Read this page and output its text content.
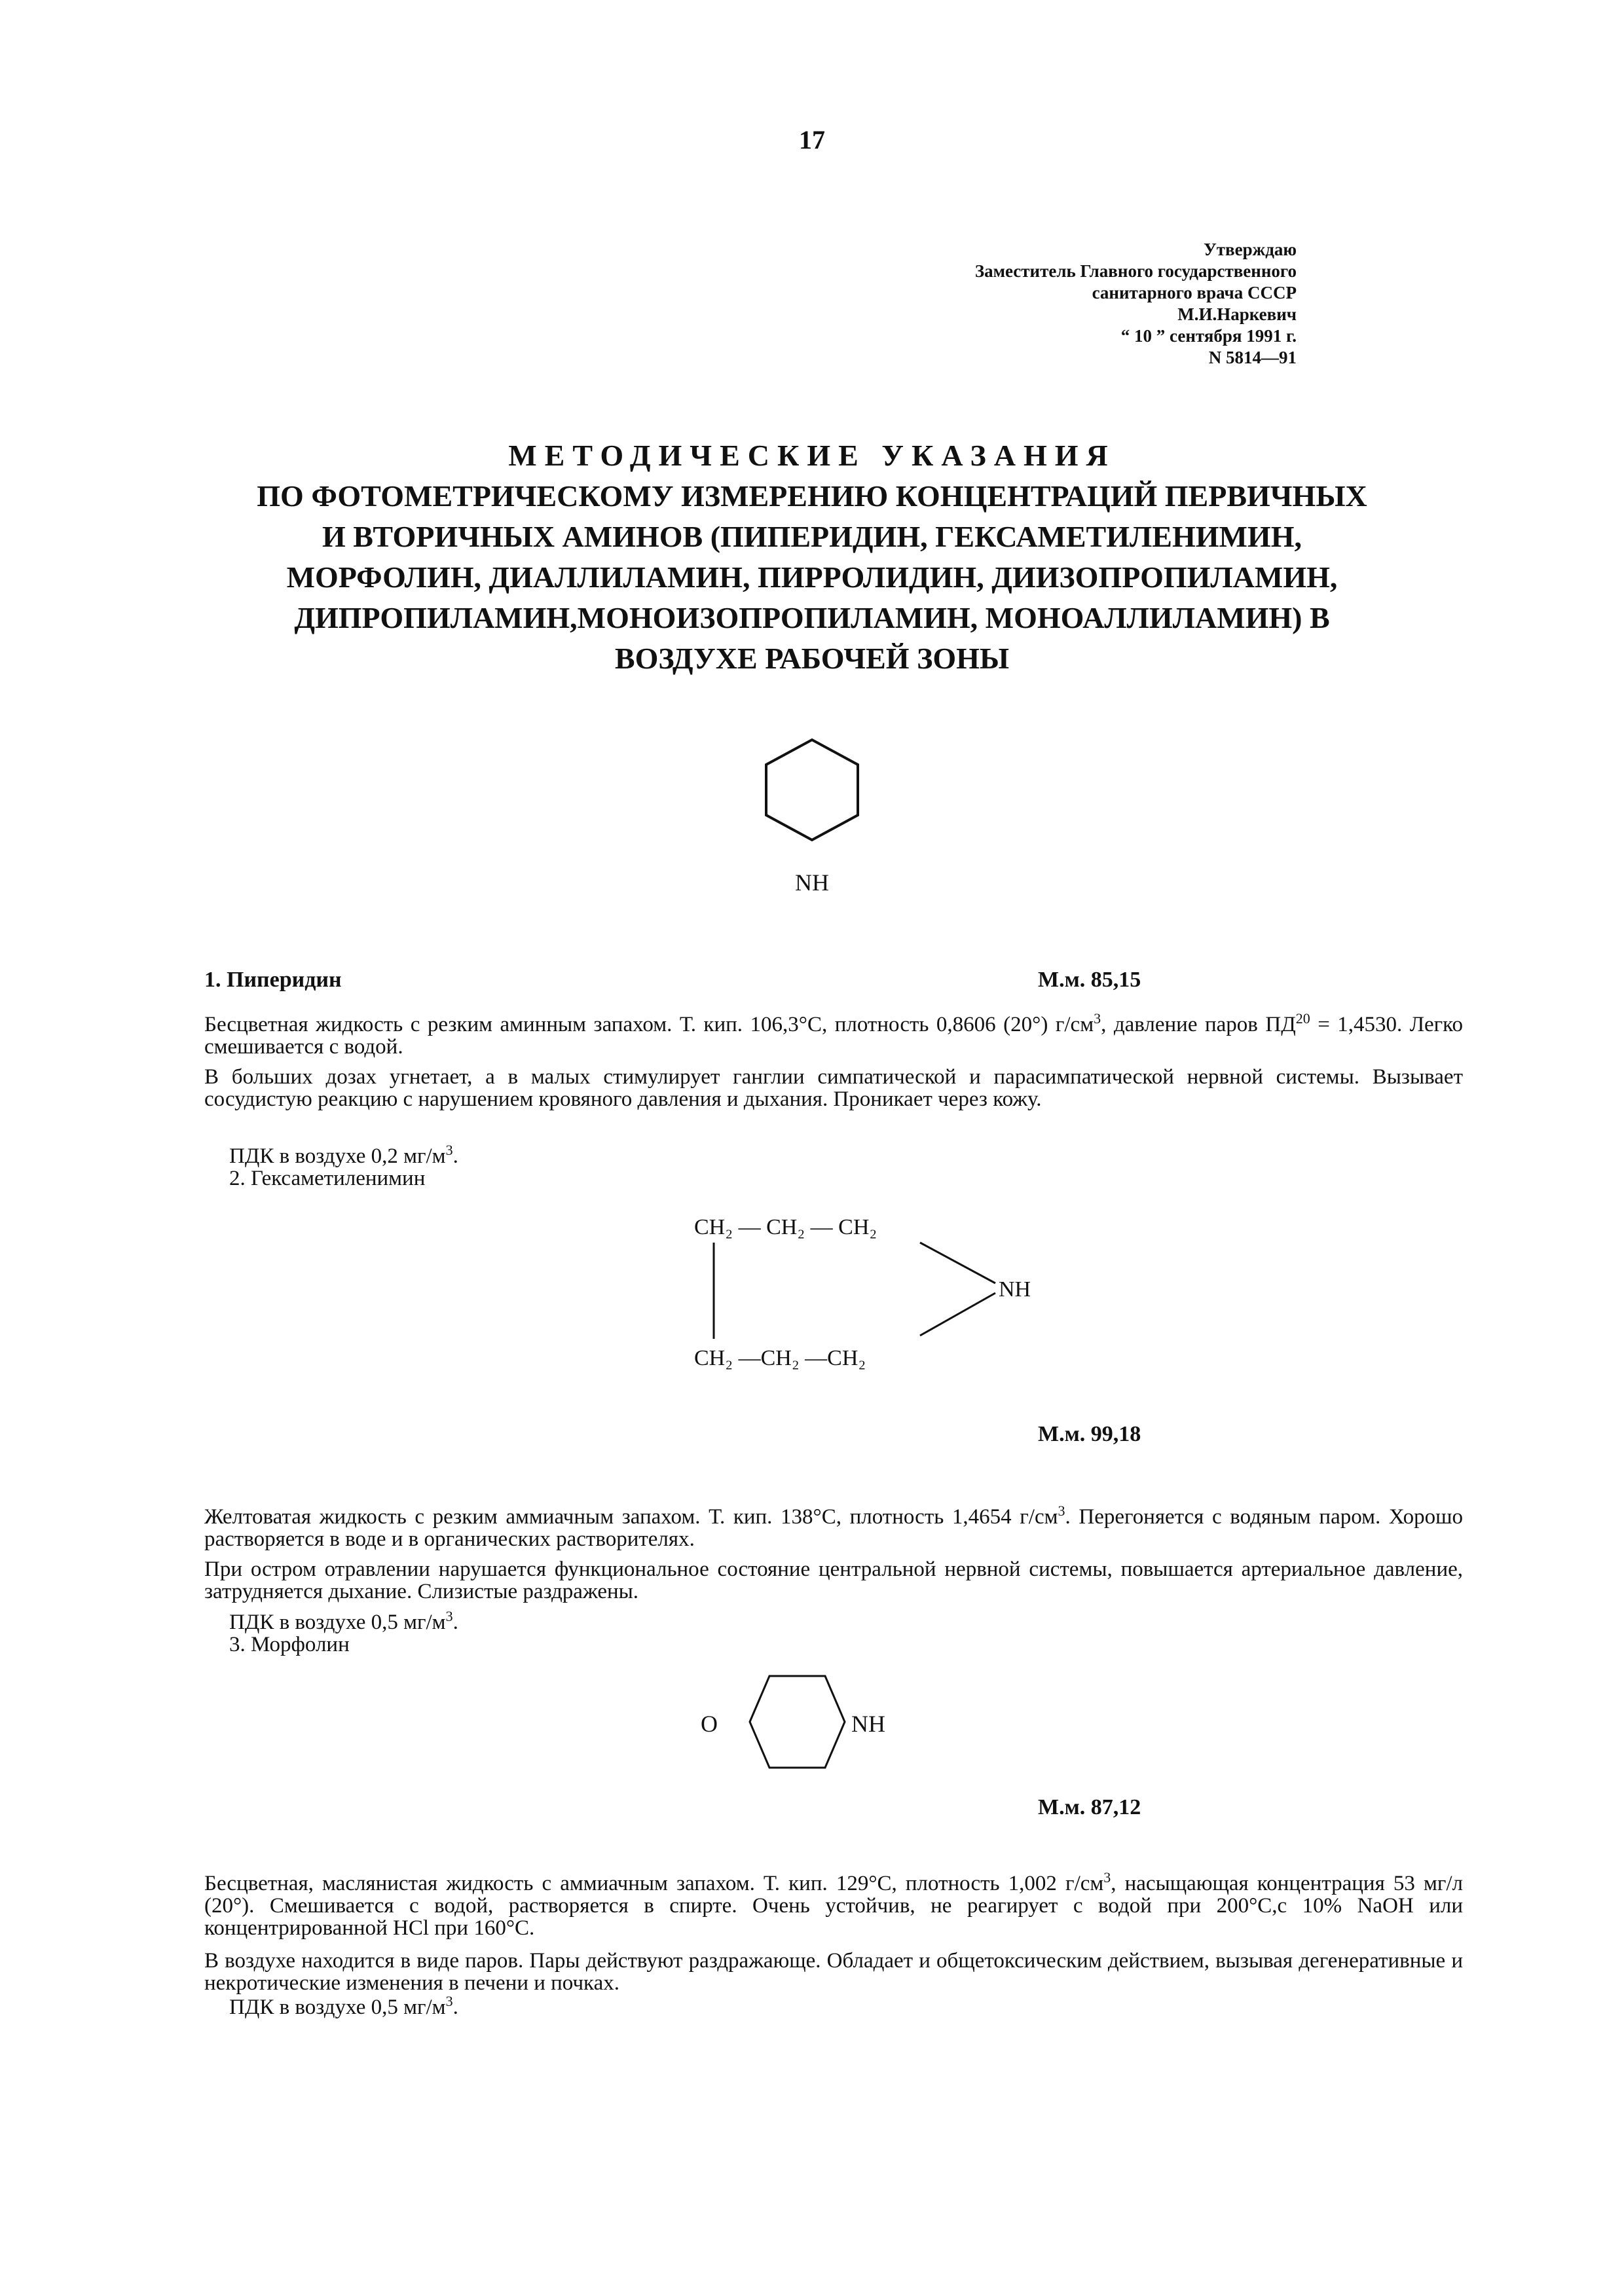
17
Утверждаю
Заместитель Главного государственного
санитарного врача СССР
М.И.Наркевич
“ 10 ” сентября 1991 г.
N 5814—91
МЕТОДИЧЕСКИЕ УКАЗАНИЯ
ПО ФОТОМЕТРИЧЕСКОМУ ИЗМЕРЕНИЮ КОНЦЕНТРАЦИЙ ПЕРВИЧНЫХ
И ВТОРИЧНЫХ АМИНОВ (ПИПЕРИДИН, ГЕКСАМЕТИЛЕНИМИН,
МОРФОЛИН, ДИАЛЛИЛАМИН, ПИРРОЛИДИН, ДИИЗОПРОПИЛАМИН,
ДИПРОПИЛАМИН,МОНОИЗОПРОПИЛАМИН, МОНОАЛЛИЛАМИН) В
ВОЗДУХЕ РАБОЧЕЙ ЗОНЫ
NH
1. Пиперидин	М.м. 85,15
Бесцветная жидкость с резким аминным запахом. Т. кип. 106,3°С, плотность 0,8606 (20°) $г/см^3$, давление паров $ПД^{20} = 1,4530$. Легко смешивается с водой.
В больших дозах угнетает, а в малых стимулирует ганглии симпатической и парасимпатической нервной системы. Вызывает сосудистую реакцию с нарушением кровяного давления и дыхания. Проникает через кожу.
ПДК в воздухе 0,2 $мг/м^3$.
2. Гексаметиленимин
CH₂ — CH₂ — CH₂
NH
CH₂ —CH₂ —CH₂
М.м. 99,18
Желтоватая жидкость с резким аммиачным запахом. Т. кип. 138°С, плотность 1,4654 $г/см^3$. Перегоняется с водяным паром. Хорошо растворяется в воде и в органических растворителях.
При остром отравлении нарушается функциональное состояние центральной нервной системы, повышается артериальное давление, затрудняется дыхание. Слизистые раздражены.
ПДК в воздухе 0,5 $мг/м^3$.
3. Морфолин
O	NH
М.м. 87,12
Бесцветная, маслянистая жидкость с аммиачным запахом. Т. кип. 129°С, плотность 1,002 $г/см^3$, насыщающая концентрация 53 мг/л (20°). Смешивается с водой, растворяется в спирте. Очень устойчив, не реагирует с водой при 200°С,с 10% NaOH или концентрированной НСl при 160°С.
В воздухе находится в виде паров. Пары действуют раздражающе. Обладает и общетоксическим действием, вызывая дегенеративные и некротические изменения в печени и почках.
ПДК в воздухе 0,5 $мг/м^3$.
